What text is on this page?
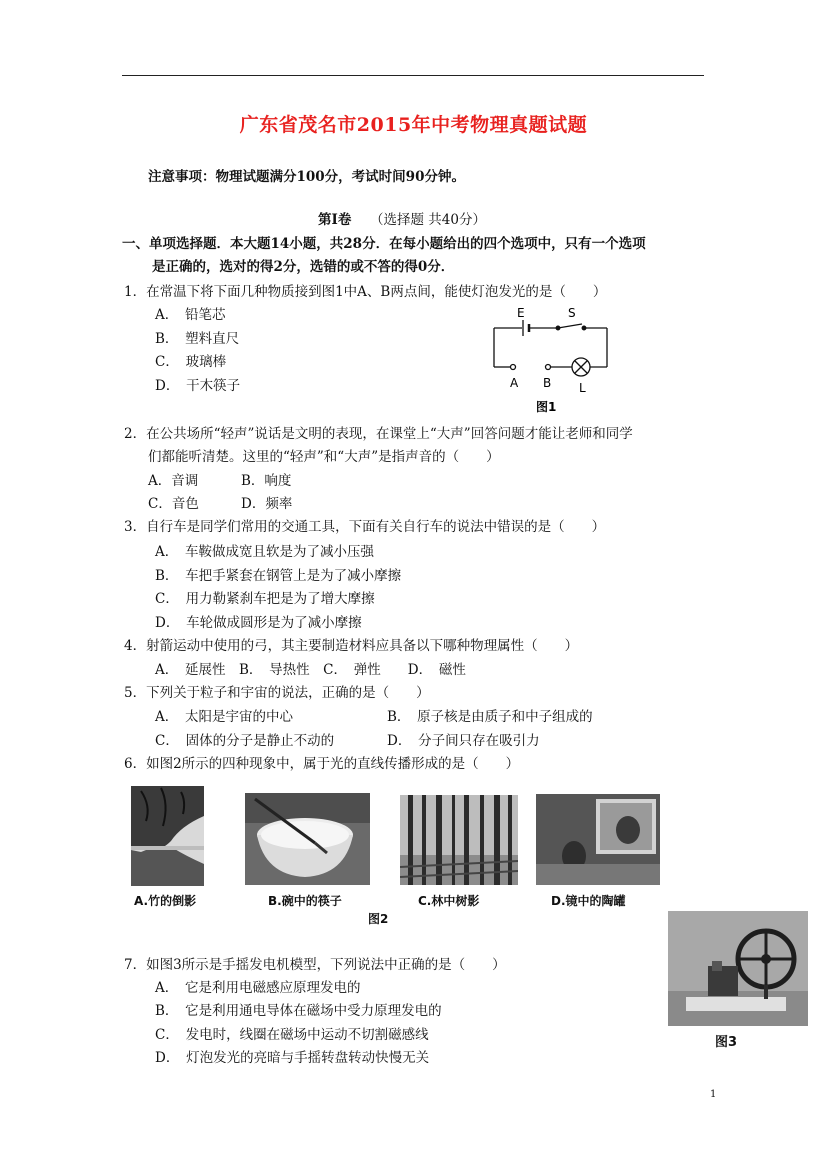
广东省茂名市2015年中考物理真题试题
注意事项：物理试题满分100分，考试时间90分钟。
第Ⅰ卷 （选择题 共40分）
一、单项选择题．本大题14小题，共28分．在每小题给出的四个选项中，只有一个选项
是正确的，选对的得2分，选错的或不答的得0分．
1．在常温下将下面几种物质接到图1中A、B两点间，能使灯泡发光的是（　　）
A．　铅笔芯
B．　塑料直尺
C．　玻璃棒
D．　干木筷子
E	S
A B L
图1
2．在公共场所“轻声”说话是文明的表现，在课堂上“大声”回答问题才能让老师和同学
们都能听清楚。这里的“轻声”和“大声”是指声音的（　　）
A．音调	B．响度
C．音色	D．频率
3．自行车是同学们常用的交通工具，下面有关自行车的说法中错误的是（　　）
A．　车鞍做成宽且软是为了减小压强
B．　车把手紧套在钢管上是为了减小摩擦
C．　用力勒紧刹车把是为了增大摩擦
D．　车轮做成圆形是为了减小摩擦
4．射箭运动中使用的弓，其主要制造材料应具备以下哪种物理属性（　　）
A．　延展性　B．　导热性　C．　弹性　　D．　磁性
5．下列关于粒子和宇宙的说法，正确的是（　　）
A．　太阳是宇宙的中心	B．　原子核是由质子和中子组成的
C．　固体的分子是静止不动的	D．　分子间只存在吸引力
6．如图2所示的四种现象中，属于光的直线传播形成的是（　　）
A.竹的倒影	B.碗中的筷子	C.林中树影	D.镜中的陶罐
图2
7．如图3所示是手摇发电机模型，下列说法中正确的是（　　）
A．　它是利用电磁感应原理发电的
B．　它是利用通电导体在磁场中受力原理发电的
C．　发电时，线圈在磁场中运动不切割磁感线
D．　灯泡发光的亮暗与手摇转盘转动快慢无关
图3
1
